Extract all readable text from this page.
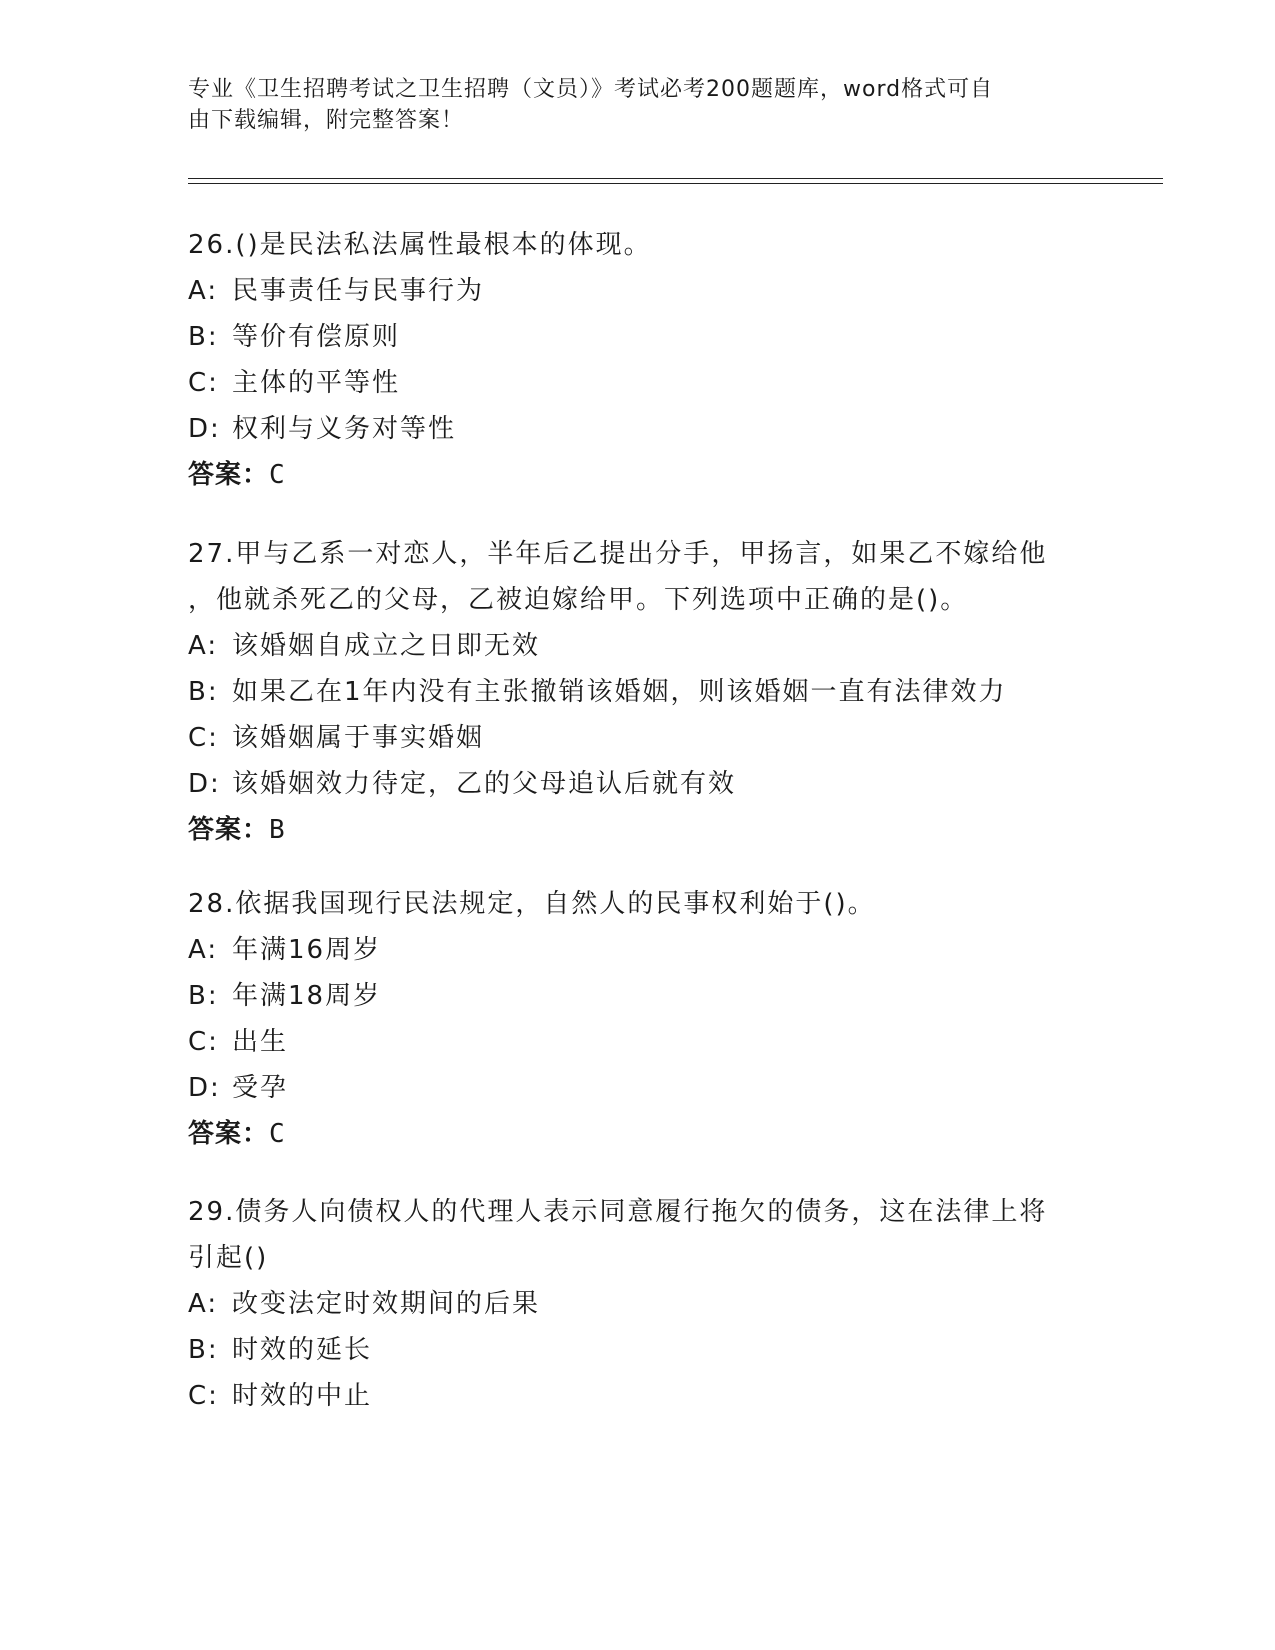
专业《卫生招聘考试之卫生招聘（文员）》考试必考200题题库，word格式可自
由下载编辑，附完整答案！
26.()是民法私法属性最根本的体现。
A: 民事责任与民事行为
B: 等价有偿原则
C: 主体的平等性
D: 权利与义务对等性
答案：C
27.甲与乙系一对恋人，半年后乙提出分手，甲扬言，如果乙不嫁给他
，他就杀死乙的父母，乙被迫嫁给甲。下列选项中正确的是()。
A: 该婚姻自成立之日即无效
B: 如果乙在1年内没有主张撤销该婚姻，则该婚姻一直有法律效力
C: 该婚姻属于事实婚姻
D: 该婚姻效力待定，乙的父母追认后就有效
答案：B
28.依据我国现行民法规定，自然人的民事权利始于()。
A: 年满16周岁
B: 年满18周岁
C: 出生
D: 受孕
答案：C
29.债务人向债权人的代理人表示同意履行拖欠的债务，这在法律上将
引起()
A: 改变法定时效期间的后果
B: 时效的延长
C: 时效的中止
